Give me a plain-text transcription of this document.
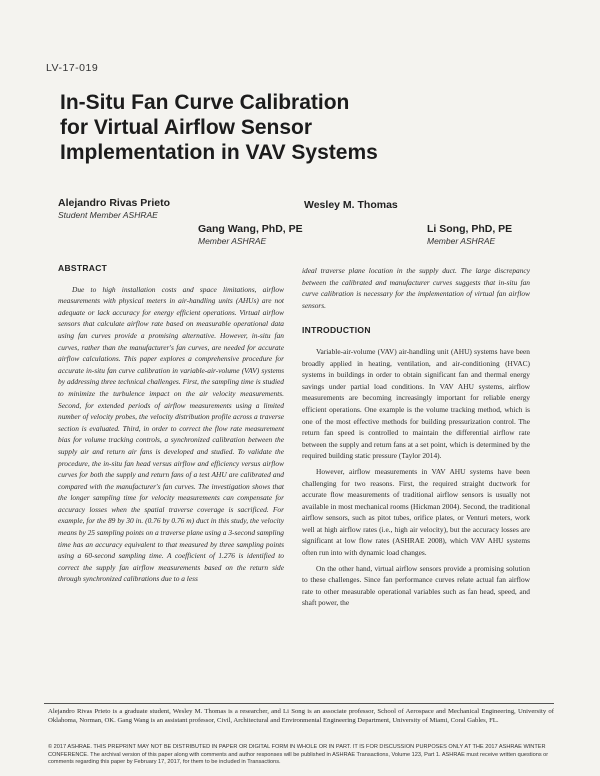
LV-17-019
In-Situ Fan Curve Calibration
for Virtual Airflow Sensor
Implementation in VAV Systems
Alejandro Rivas Prieto
Student Member ASHRAE
Wesley M. Thomas
Gang Wang, PhD, PE
Member ASHRAE
Li Song, PhD, PE
Member ASHRAE
ABSTRACT

Due to high installation costs and space limitations, airflow measurements with physical meters in air-handling units (AHUs) are not adequate or lack accuracy for energy efficient operations. Virtual airflow sensors that calculate airflow rate based on measurable operational data using fan curves provide a promising alternative. However, in-situ fan curves, rather than the manufacturer's fan curves, are needed for accurate airflow calculations. This paper explores a comprehensive procedure for accurate in-situ fan curve calibration in variable-air-volume (VAV) systems by addressing three technical challenges. First, the sampling time is studied to minimize the turbulence impact on the air velocity measurements. Second, for extended periods of airflow measurements using a limited number of velocity probes, the velocity distribution profile across a traverse section is evaluated. Third, in order to correct the flow rate measurement bias for volume tracking controls, a synchronized calibration between the supply air and return air fans is developed and studied. To validate the procedure, the in-situ fan head versus airflow and efficiency versus airflow curves for both the supply and return fans of a test AHU are calibrated and compared with the manufacturer's fan curves. The investigation shows that the longer sampling time for velocity measurements can compensate for accuracy losses when the spatial traverse coverage is sacrificed. For example, for the 89 by 30 in. (0.76 by 0.76 m) duct in this study, the velocity means by 25 sampling points on a traverse plane using a 3-second sampling time has an accuracy equivalent to that measured by three sampling points using a 60-second sampling time. A coefficient of 1.276 is identified to correct the supply fan airflow measurements based on the return side through synchronized calibrations due to a less

ideal traverse plane location in the supply duct. The large discrepancy between the calibrated and manufacturer curves suggests that in-situ fan curve calibration is necessary for the implementation of virtual fan airflow sensors.

INTRODUCTION

Variable-air-volume (VAV) air-handling unit (AHU) systems have been broadly applied in heating, ventilation, and air-conditioning (HVAC) systems in buildings in order to obtain significant fan and thermal energy savings under partial load conditions. In VAV AHU systems, airflow measurements are becoming increasingly important for reliable energy efficient operations. One example is the volume tracking method, which is one of the most effective methods for building pressurization control. The return fan speed is controlled to maintain the differential airflow rate between the supply and return fans at a set point, which is determined by the required building static pressure (Taylor 2014).

However, airflow measurements in VAV AHU systems have been challenging for two reasons. First, the required straight ductwork for accurate flow measurements of traditional airflow sensors is usually not available in most mechanical rooms (Hickman 2004). Second, the traditional airflow sensors, such as pitot tubes, orifice plates, or Venturi meters, work well at high airflow rates (i.e., high air velocity), but the accuracy losses are significant at low flow rates (ASHRAE 2008), which VAV AHU systems often run into with dynamic load changes.

On the other hand, virtual airflow sensors provide a promising solution to these challenges. Since fan performance curves relate actual fan airflow rate to other measurable operational variables such as fan head, speed, and shaft power, the

Alejandro Rivas Prieto is a graduate student, Wesley M. Thomas is a researcher, and Li Song is an associate professor, School of Aerospace and Mechanical Engineering, University of Oklahoma, Norman, OK. Gang Wang is an assistant professor, Civil, Architectural and Environmental Engineering Department, University of Miami, Coral Gables, FL.
© 2017 ASHRAE. THIS PREPRINT MAY NOT BE DISTRIBUTED IN PAPER OR DIGITAL FORM IN WHOLE OR IN PART. IT IS FOR DISCUSSION PURPOSES ONLY AT THE 2017 ASHRAE WINTER CONFERENCE. The archival version of this paper along with comments and author responses will be published in ASHRAE Transactions, Volume 123, Part 1. ASHRAE must receive written questions or comments regarding this paper by February 17, 2017, for them to be included in Transactions.
